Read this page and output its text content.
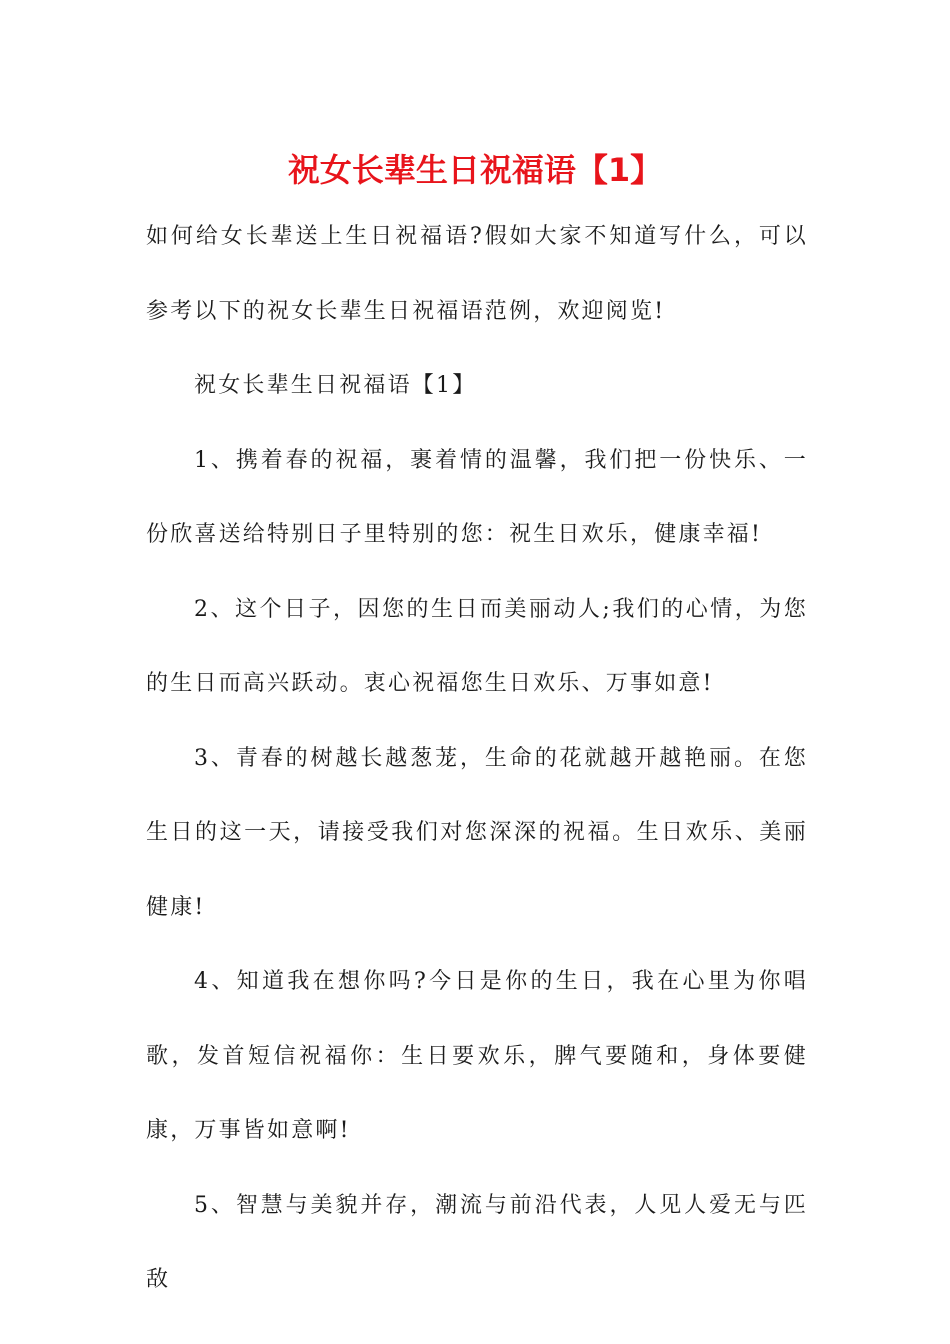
祝女长辈生日祝福语【1】

如何给女长辈送上生日祝福语?假如大家不知道写什么，可以参考以下的祝女长辈生日祝福语范例，欢迎阅览!

祝女长辈生日祝福语【1】

1、携着春的祝福，裹着情的温馨，我们把一份快乐、一份欣喜送给特别日子里特别的您：祝生日欢乐，健康幸福!

2、这个日子，因您的生日而美丽动人;我们的心情，为您的生日而高兴跃动。衷心祝福您生日欢乐、万事如意!

3、青春的树越长越葱茏，生命的花就越开越艳丽。在您生日的这一天，请接受我们对您深深的祝福。生日欢乐、美丽健康!

4、知道我在想你吗?今日是你的生日，我在心里为你唱歌，发首短信祝福你：生日要欢乐，脾气要随和，身体要健康，万事皆如意啊!

5、智慧与美貌并存，潮流与前沿代表，人见人爱无与匹敌
